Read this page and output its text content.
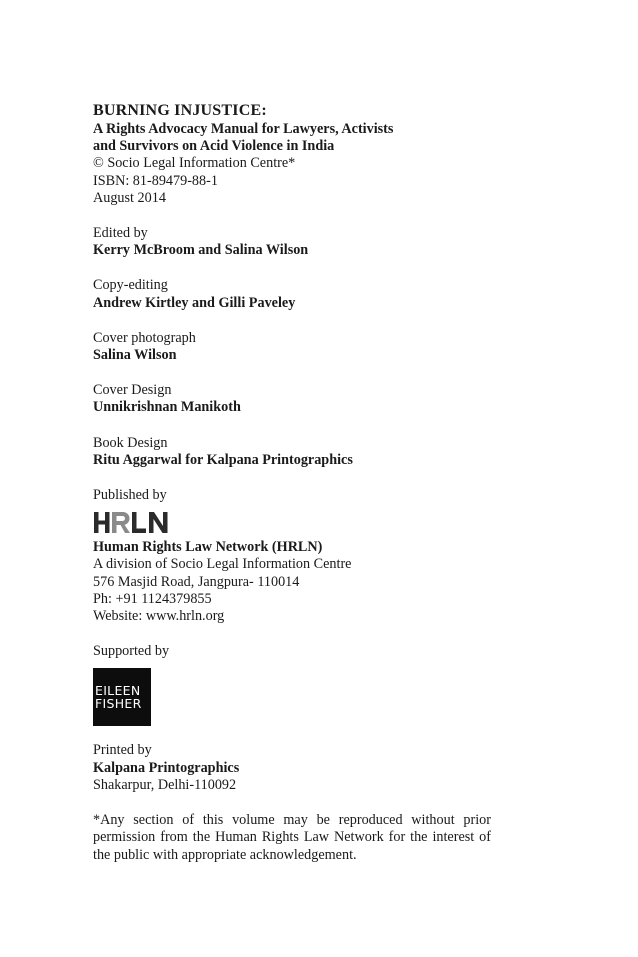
BURNING INJUSTICE:
A Rights Advocacy Manual for Lawyers, Activists
and Survivors on Acid Violence in India
© Socio Legal Information Centre*
ISBN: 81-89479-88-1
August 2014
Edited by
Kerry McBroom and Salina Wilson
Copy-editing
Andrew Kirtley and Gilli Paveley
Cover photograph
Salina Wilson
Cover Design
Unnikrishnan Manikoth
Book Design
Ritu Aggarwal for Kalpana Printographics
Published by
Human Rights Law Network (HRLN)
A division of Socio Legal Information Centre
576 Masjid Road, Jangpura- 110014
Ph: +91 1124379855
Website: www.hrln.org
Supported by
EILEEN
FISHER
Printed by
Kalpana Printographics
Shakarpur, Delhi-110092
*Any section of this volume may be reproduced without prior permission from the Human Rights Law Network for the interest of the public with appropriate acknowledgement.
